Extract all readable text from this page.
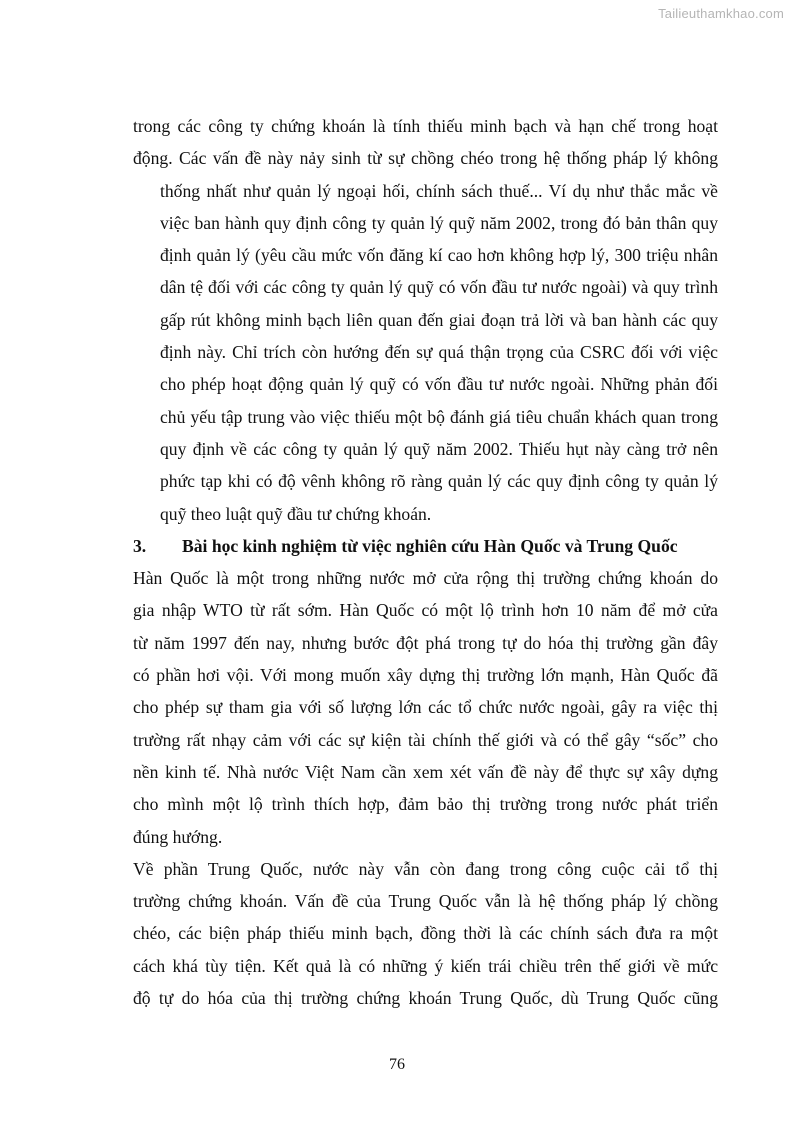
Tailieuthamkhao.com
trong các công ty chứng khoán là tính thiếu minh bạch và hạn chế trong hoạt
động. Các vấn đề này nảy sinh từ sự chồng chéo trong hệ thống pháp lý không
thống nhất như quản lý ngoại hối, chính sách thuế... Ví dụ như thắc mắc về
việc ban hành quy định công ty quản lý quỹ năm 2002, trong đó bản thân quy
định quản lý (yêu cầu mức vốn đăng kí cao hơn không hợp lý, 300 triệu nhân
dân tệ đối với các công ty quản lý quỹ có vốn đầu tư nước ngoài) và quy trình
gấp rút không minh bạch liên quan đến giai đoạn trả lời và ban hành các quy
định này. Chỉ trích còn hướng đến sự quá thận trọng của CSRC đối với việc
cho phép hoạt động quản lý quỹ có vốn đầu tư nước ngoài. Những phản đối
chủ yếu tập trung vào việc thiếu một bộ đánh giá tiêu chuẩn khách quan trong
quy định về các công ty quản lý quỹ năm 2002. Thiếu hụt này càng trở nên
phức tạp khi có độ vênh không rõ ràng quản lý các quy định công ty quản lý
quỹ theo luật quỹ đầu tư chứng khoán.
3.	Bài học kinh nghiệm từ việc nghiên cứu Hàn Quốc và Trung Quốc
Hàn Quốc là một trong những nước mở cửa rộng thị trường chứng khoán do
gia nhập WTO từ rất sớm. Hàn Quốc có một lộ trình hơn 10 năm để mở cửa
từ năm 1997 đến nay, nhưng bước đột phá trong tự do hóa thị trường gần đây
có phần hơi vội. Với mong muốn xây dựng thị trường lớn mạnh, Hàn Quốc đã
cho phép sự tham gia với số lượng lớn các tổ chức nước ngoài, gây ra việc thị
trường rất nhạy cảm với các sự kiện tài chính thế giới và có thể gây “sốc” cho
nền kinh tế. Nhà nước Việt Nam cần xem xét vấn đề này để thực sự xây dựng
cho mình một lộ trình thích hợp, đảm bảo thị trường trong nước phát triển
đúng hướng.
Về phần Trung Quốc, nước này vẫn còn đang trong công cuộc cải tổ thị
trường chứng khoán. Vấn đề của Trung Quốc vẫn là hệ thống pháp lý chồng
chéo, các biện pháp thiếu minh bạch, đồng thời là các chính sách đưa ra một
cách khá tùy tiện. Kết quả là có những ý kiến trái chiều trên thế giới về mức
độ tự do hóa của thị trường chứng khoán Trung Quốc, dù Trung Quốc cũng
76
